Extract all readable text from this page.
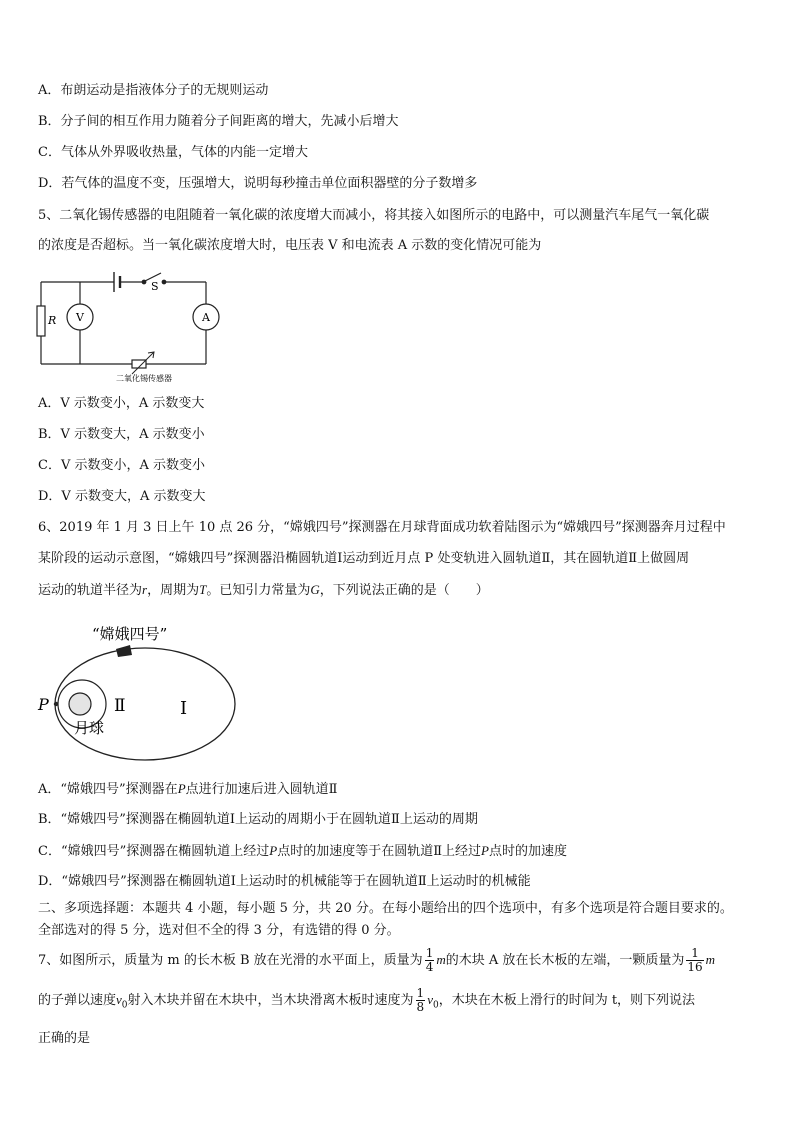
A．布朗运动是指液体分子的无规则运动
B．分子间的相互作用力随着分子间距离的增大，先减小后增大
C．气体从外界吸收热量，气体的内能一定增大
D．若气体的温度不变，压强增大，说明每秒撞击单位面积器壁的分子数增多
5、二氧化锡传感器的电阻随着一氧化碳的浓度增大而减小，将其接入如图所示的电路中，可以测量汽车尾气一氧化碳
的浓度是否超标。当一氧化碳浓度增大时，电压表 V 和电流表 A 示数的变化情况可能为
S
R V	A
二氧化锡传感器
A．V 示数变小，A 示数变大
B．V 示数变大，A 示数变小
C．V 示数变小，A 示数变小
D．V 示数变大，A 示数变大
6、2019 年 1 月 3 日上午 10 点 26 分，“嫦娥四号”探测器在月球背面成功软着陆图示为“嫦娥四号”探测器奔月过程中
某阶段的运动示意图，“嫦娥四号”探测器沿椭圆轨道Ⅰ运动到近月点 P 处变轨进入圆轨道Ⅱ，其在圆轨道Ⅱ上做圆周
运动的轨道半径为r，周期为T。已知引力常量为G，下列说法正确的是（　　）
“嫦娥四号”
P	Ⅱ	Ⅰ
月球
A．“嫦娥四号”探测器在P点进行加速后进入圆轨道Ⅱ
B．“嫦娥四号”探测器在椭圆轨道Ⅰ上运动的周期小于在圆轨道Ⅱ上运动的周期
C．“嫦娥四号”探测器在椭圆轨道上经过P点时的加速度等于在圆轨道Ⅱ上经过P点时的加速度
D．“嫦娥四号”探测器在椭圆轨道Ⅰ上运动时的机械能等于在圆轨道Ⅱ上运动时的机械能
二、多项选择题：本题共 4 小题，每小题 5 分，共 20 分。在每小题给出的四个选项中，有多个选项是符合题目要求的。
全部选对的得 5 分，选对但不全的得 3 分，有选错的得 0 分。
7、如图所示，质量为 m 的长木板 B 放在光滑的水平面上，质量为 $\frac{1}{4}$ m的木块 A 放在长木板的左端，一颗质量为 $\frac{1}{16}$ m
的子弹以速度$v_0$射入木块并留在木块中，当木块滑离木板时速度为 $\frac{1}{8} v_0$，木块在木板上滑行的时间为 t，则下列说法
正确的是
